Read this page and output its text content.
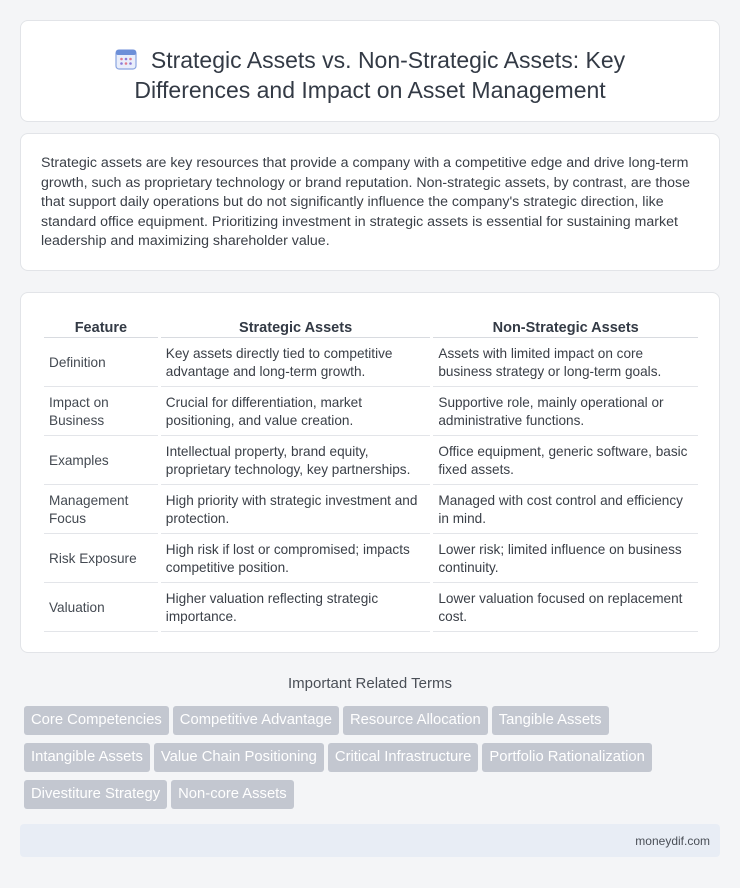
Strategic Assets vs. Non-Strategic Assets: Key
Differences and Impact on Asset Management

Strategic assets are key resources that provide a company with a competitive edge and drive long-term growth, such as proprietary technology or brand reputation. Non-strategic assets, by contrast, are those that support daily operations but do not significantly influence the company's strategic direction, like standard office equipment. Prioritizing investment in strategic assets is essential for sustaining market leadership and maximizing shareholder value.

Feature	Strategic Assets	Non-Strategic Assets
Definition	Key assets directly tied to competitive advantage and long-term growth.	Assets with limited impact on core business strategy or long-term goals.
Impact on Business	Crucial for differentiation, market positioning, and value creation.	Supportive role, mainly operational or administrative functions.
Examples	Intellectual property, brand equity, proprietary technology, key partnerships.	Office equipment, generic software, basic fixed assets.
Management Focus	High priority with strategic investment and protection.	Managed with cost control and efficiency in mind.
Risk Exposure	High risk if lost or compromised; impacts competitive position.	Lower risk; limited influence on business continuity.
Valuation	Higher valuation reflecting strategic importance.	Lower valuation focused on replacement cost.
Important Related Terms
Core Competencies Competitive Advantage Resource Allocation Tangible AssetsIntangible Assets Value Chain Positioning Critical Infrastructure Portfolio RationalizationDivestiture Strategy Non-core Assets
moneydif.com
